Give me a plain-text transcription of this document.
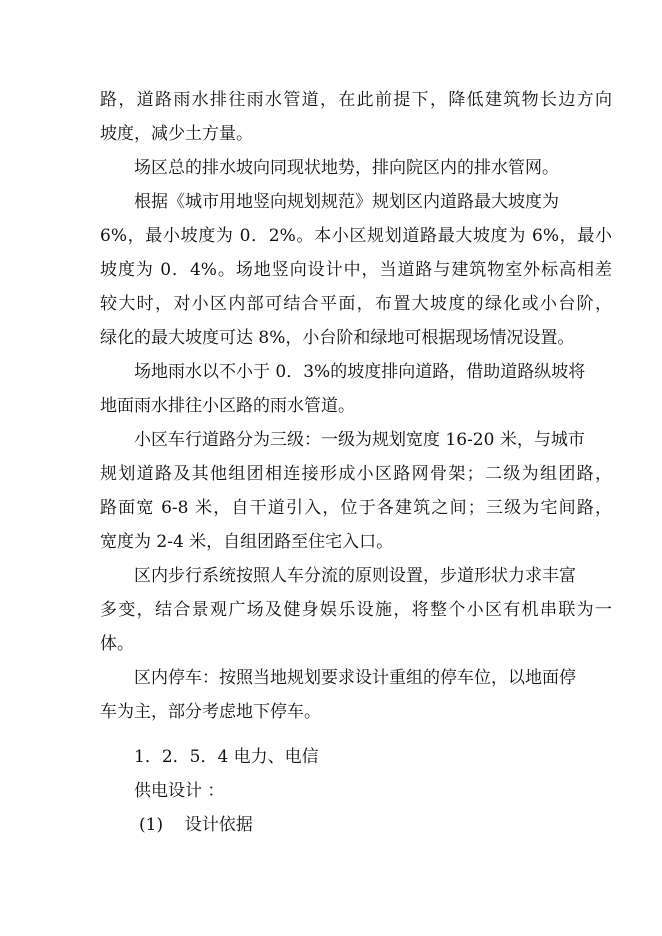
路，道路雨水排往雨水管道，在此前提下，降低建筑物长边方向
坡度，减少土方量。
场区总的排水坡向同现状地势，排向院区内的排水管网。
根据《城市用地竖向规划规范》规划区内道路最大坡度为
6%，最小坡度为 0．2%。本小区规划道路最大坡度为 6%，最小
坡度为 0．4%。场地竖向设计中，当道路与建筑物室外标高相差
较大时，对小区内部可结合平面，布置大坡度的绿化或小台阶，
绿化的最大坡度可达 8%，小台阶和绿地可根据现场情况设置。
场地雨水以不小于 0．3%的坡度排向道路，借助道路纵坡将
地面雨水排往小区路的雨水管道。
小区车行道路分为三级：一级为规划宽度 16-20 米，与城市
规划道路及其他组团相连接形成小区路网骨架；二级为组团路，
路面宽 6-8 米，自干道引入，位于各建筑之间；三级为宅间路，
宽度为 2-4 米，自组团路至住宅入口。
区内步行系统按照人车分流的原则设置，步道形状力求丰富
多变，结合景观广场及健身娱乐设施，将整个小区有机串联为一
体。
区内停车：按照当地规划要求设计重组的停车位，以地面停
车为主，部分考虑地下停车。
1．2．5．4 电力、电信
供电设计 ：
(1)    设计依据
